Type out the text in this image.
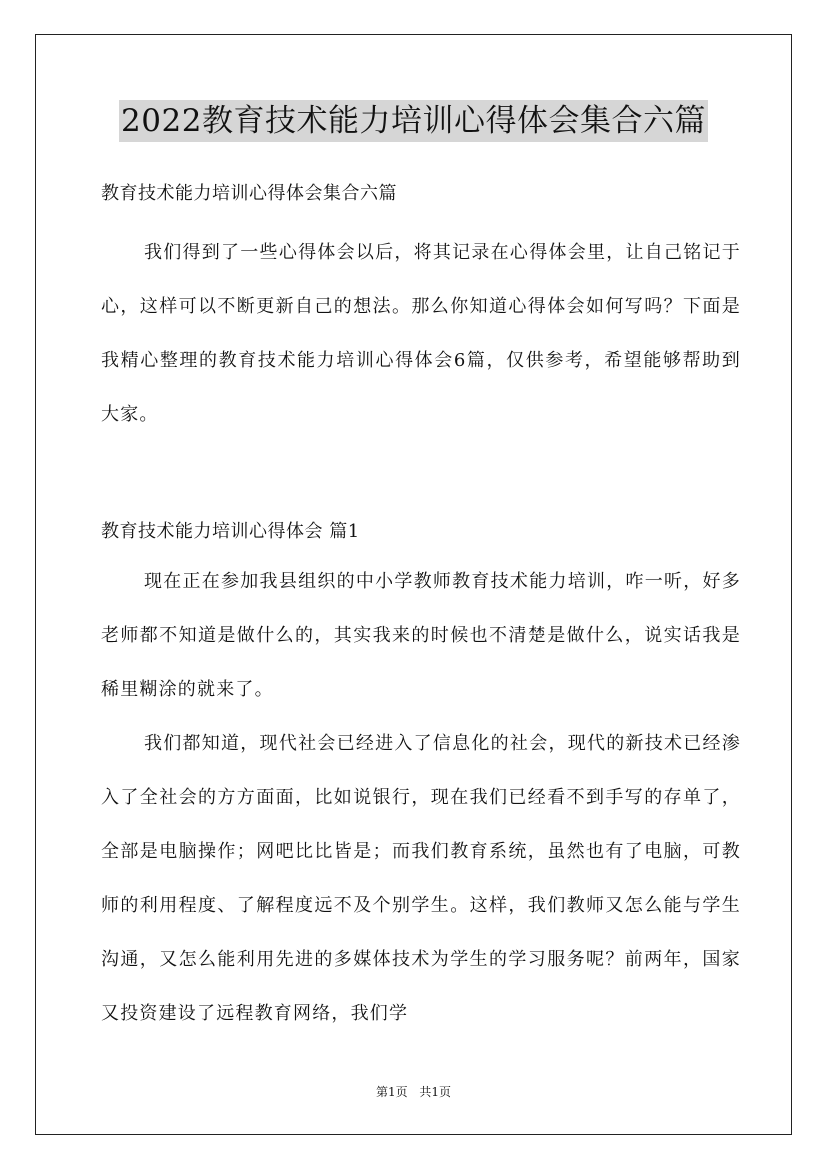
2022教育技术能力培训心得体会集合六篇

教育技术能力培训心得体会集合六篇

我们得到了一些心得体会以后，将其记录在心得体会里，让自己铭记于心，这样可以不断更新自己的想法。那么你知道心得体会如何写吗？下面是我精心整理的教育技术能力培训心得体会6篇，仅供参考，希望能够帮助到大家。

教育技术能力培训心得体会 篇1

现在正在参加我县组织的中小学教师教育技术能力培训，咋一听，好多老师都不知道是做什么的，其实我来的时候也不清楚是做什么，说实话我是稀里糊涂的就来了。

我们都知道，现代社会已经进入了信息化的社会，现代的新技术已经渗入了全社会的方方面面，比如说银行，现在我们已经看不到手写的存单了，全部是电脑操作；网吧比比皆是；而我们教育系统，虽然也有了电脑，可教师的利用程度、了解程度远不及个别学生。这样，我们教师又怎么能与学生沟通，又怎么能利用先进的多媒体技术为学生的学习服务呢？前两年，国家又投资建设了远程教育网络，我们学

第1页 共1页
